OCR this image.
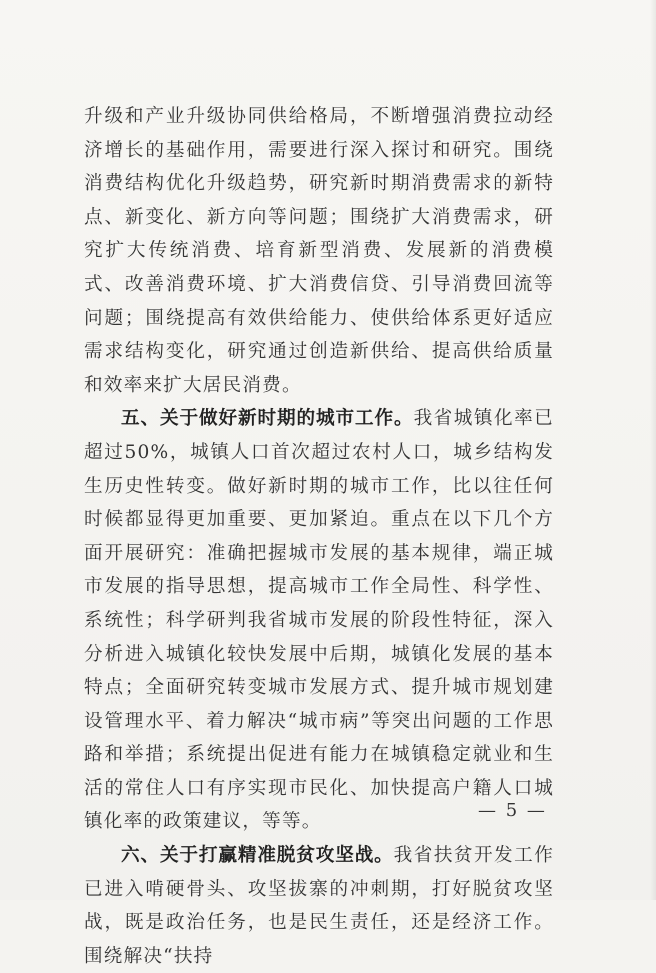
升级和产业升级协同供给格局，不断增强消费拉动经济增长的基础作用，需要进行深入探讨和研究。围绕消费结构优化升级趋势，研究新时期消费需求的新特点、新变化、新方向等问题；围绕扩大消费需求，研究扩大传统消费、培育新型消费、发展新的消费模式、改善消费环境、扩大消费信贷、引导消费回流等问题；围绕提高有效供给能力、使供给体系更好适应需求结构变化，研究通过创造新供给、提高供给质量和效率来扩大居民消费。

五、关于做好新时期的城市工作。我省城镇化率已超过50%，城镇人口首次超过农村人口，城乡结构发生历史性转变。做好新时期的城市工作，比以往任何时候都显得更加重要、更加紧迫。重点在以下几个方面开展研究：准确把握城市发展的基本规律，端正城市发展的指导思想，提高城市工作全局性、科学性、系统性；科学研判我省城市发展的阶段性特征，深入分析进入城镇化较快发展中后期，城镇化发展的基本特点；全面研究转变城市发展方式、提升城市规划建设管理水平、着力解决“城市病”等突出问题的工作思路和举措；系统提出促进有能力在城镇稳定就业和生活的常住人口有序实现市民化、加快提高户籍人口城镇化率的政策建议，等等。

六、关于打赢精准脱贫攻坚战。我省扶贫开发工作已进入啃硬骨头、攻坚拔寨的冲刺期，打好脱贫攻坚战，既是政治任务，也是民生责任，还是经济工作。围绕解决“扶持

— 5 —
